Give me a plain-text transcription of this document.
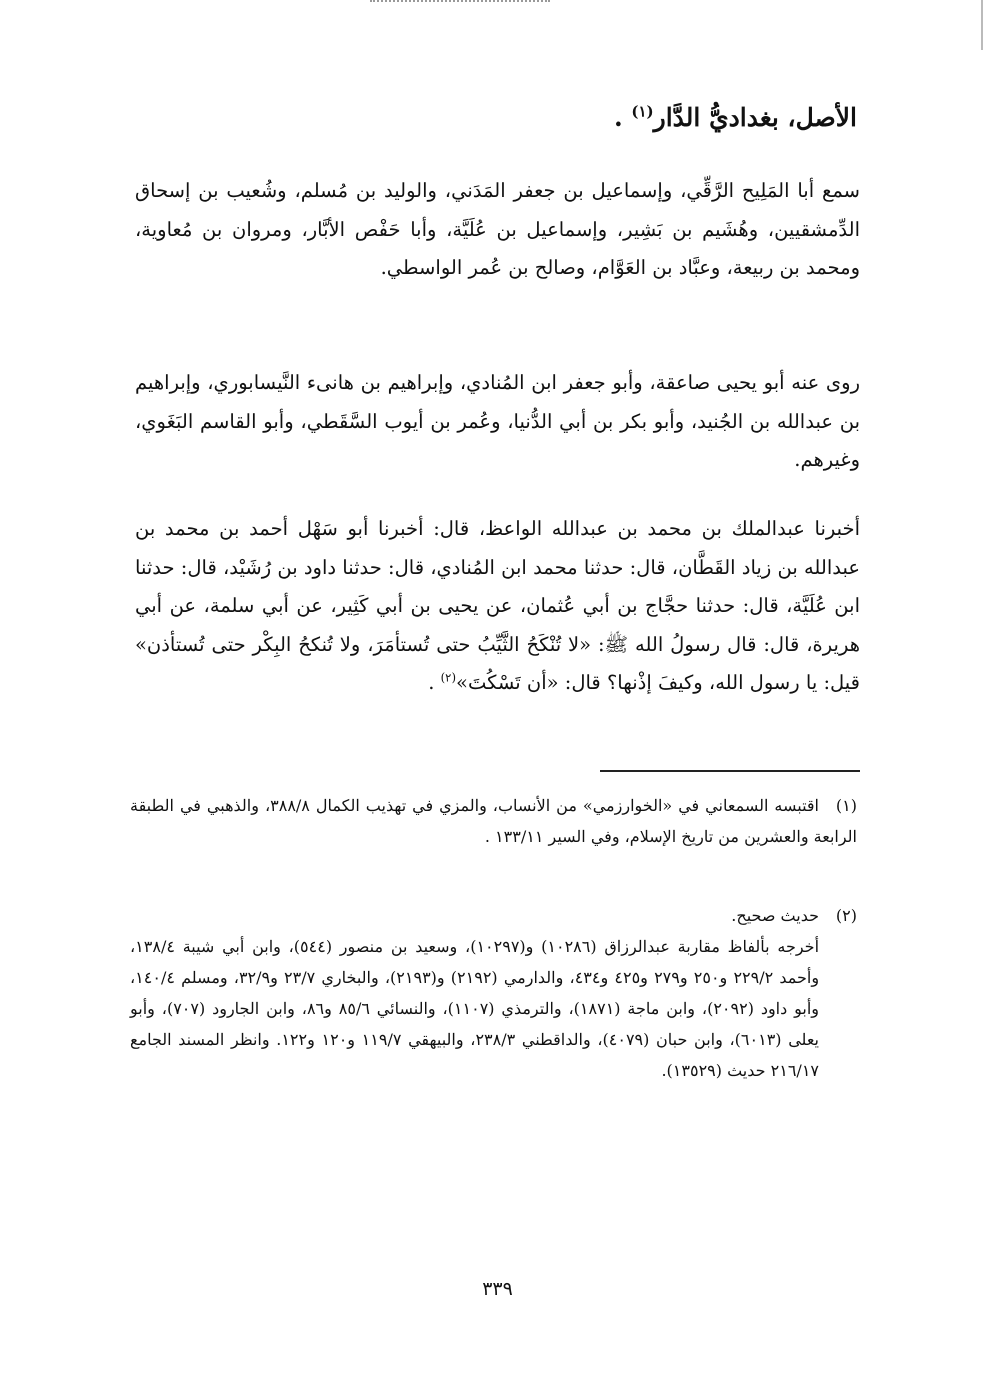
الأصل، بغداديُّ الدَّار$^{(١)}$ .

سمع أبا المَلِيح الرَّقِّي، وإسماعيل بن جعفر المَدَني، والوليد بن مُسلم، وشُعيب بن إسحاق الدِّمشقيين، وهُشَيم بن بَشِير، وإسماعيل بن عُلَيَّة، وأبا حَفْص الأبَّار، ومروان بن مُعاوية، ومحمد بن ربيعة، وعبَّاد بن العَوَّام، وصالح بن عُمر الواسطي.

روى عنه أبو يحيى صاعقة، وأبو جعفر ابن المُنادي، وإبراهيم بن هانىء النَّيسابوري، وإبراهيم بن عبدالله بن الجُنيد، وأبو بكر بن أبي الدُّنيا، وعُمر بن أيوب السَّقَطي، وأبو القاسم البَغَوي، وغيرهم.

أخبرنا عبدالملك بن محمد بن عبدالله الواعظ، قال: أخبرنا أبو سَهْل أحمد بن محمد بن عبدالله بن زياد القَطَّان، قال: حدثنا محمد ابن المُنادي، قال: حدثنا داود بن رُشَيْد، قال: حدثنا ابن عُلَيَّة، قال: حدثنا حجَّاج بن أبي عُثمان، عن يحيى بن أبي كَثِير، عن أبي سلمة، عن أبي هريرة، قال: قال رسولُ الله ﷺ: «لا تُنْكَحُ الثَّيِّبُ حتى تُستأمَرَ، ولا تُنكحُ البِكْر حتى تُستأذن» قيل: يا رسول الله، وكيفَ إذْنها؟ قال: «أن تَسْكُتَ»$^{(٢)}$ .

(١)اقتبسه السمعاني في «الخوارزمي» من الأنساب، والمزي في تهذيب الكمال ٣٨٨/٨، والذهبي في الطبقة الرابعة والعشرين من تاريخ الإسلام، وفي السير ١٣٣/١١ .
(٢)حديث صحيح.
أخرجه بألفاظ مقاربة عبدالرزاق (١٠٢٨٦) و(١٠٢٩٧)، وسعيد بن منصور (٥٤٤)، وابن أبي شيبة ١٣٨/٤، وأحمد ٢٢٩/٢ و٢٥٠ و٢٧٩ و٤٢٥ و٤٣٤، والدارمي (٢١٩٢) و(٢١٩٣)، والبخاري ٢٣/٧ و٣٢/٩، ومسلم ١٤٠/٤، وأبو داود (٢٠٩٢)، وابن ماجة (١٨٧١)، والترمذي (١١٠٧)، والنسائي ٨٥/٦ و٨٦، وابن الجارود (٧٠٧)، وأبو يعلى (٦٠١٣)، وابن حبان (٤٠٧٩)، والداقطني ٢٣٨/٣، والبيهقي ١١٩/٧ و١٢٠ و١٢٢. وانظر المسند الجامع ٢١٦/١٧ حديث (١٣٥٢٩).
٣٣٩
